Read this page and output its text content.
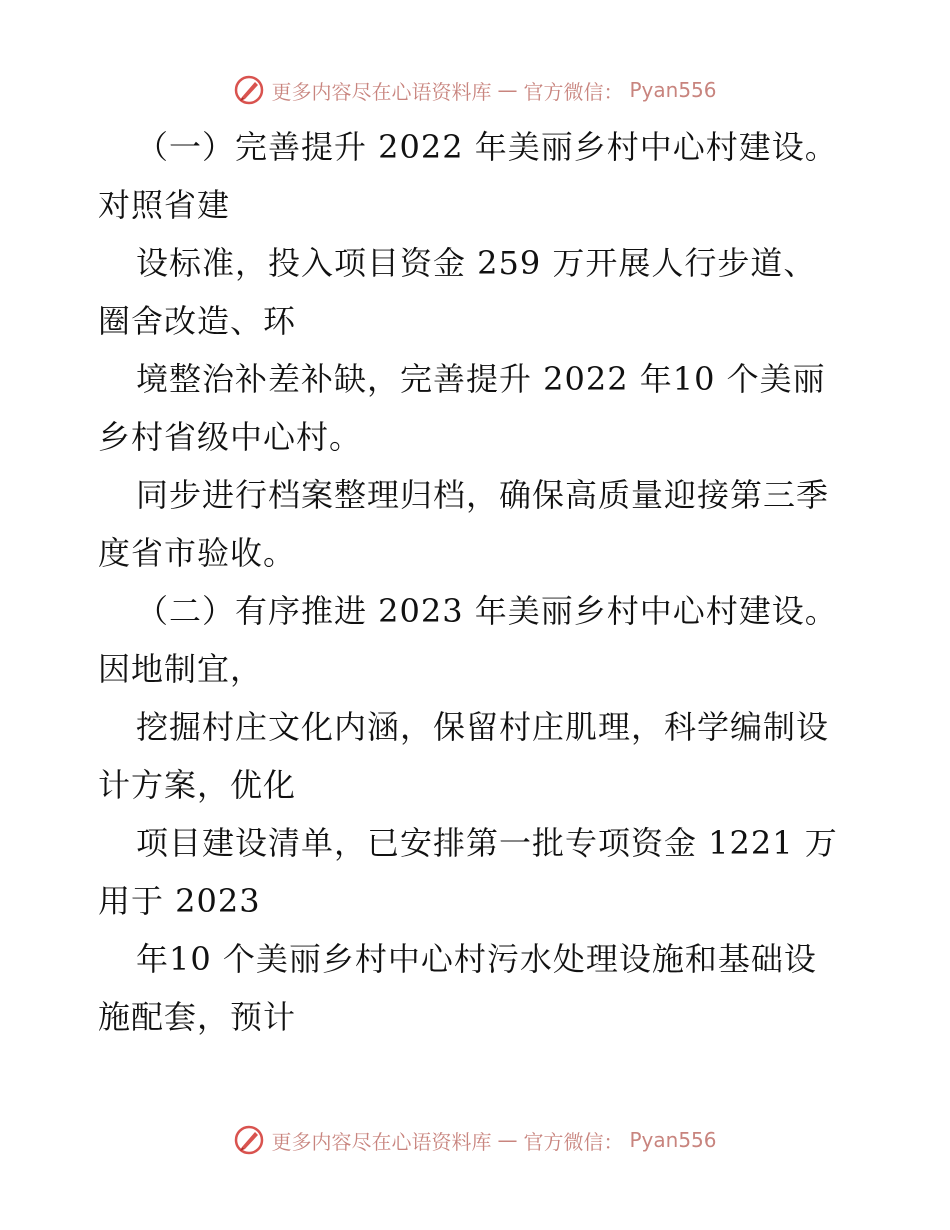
更多内容尽在心语资料库 — 官方微信： Pyan556
（一）完善提升 2022 年美丽乡村中心村建设。
对照省建
设标准，投入项目资金 259 万开展人行步道、
圈舍改造、环
境整治补差补缺，完善提升 2022 年10 个美丽
乡村省级中心村。
同步进行档案整理归档，确保高质量迎接第三季
度省市验收。
（二）有序推进 2023 年美丽乡村中心村建设。
因地制宜，
挖掘村庄文化内涵，保留村庄肌理，科学编制设
计方案，优化
项目建设清单，已安排第一批专项资金 1221 万
用于 2023
年10 个美丽乡村中心村污水处理设施和基础设
施配套，预计
更多内容尽在心语资料库 — 官方微信： Pyan556
